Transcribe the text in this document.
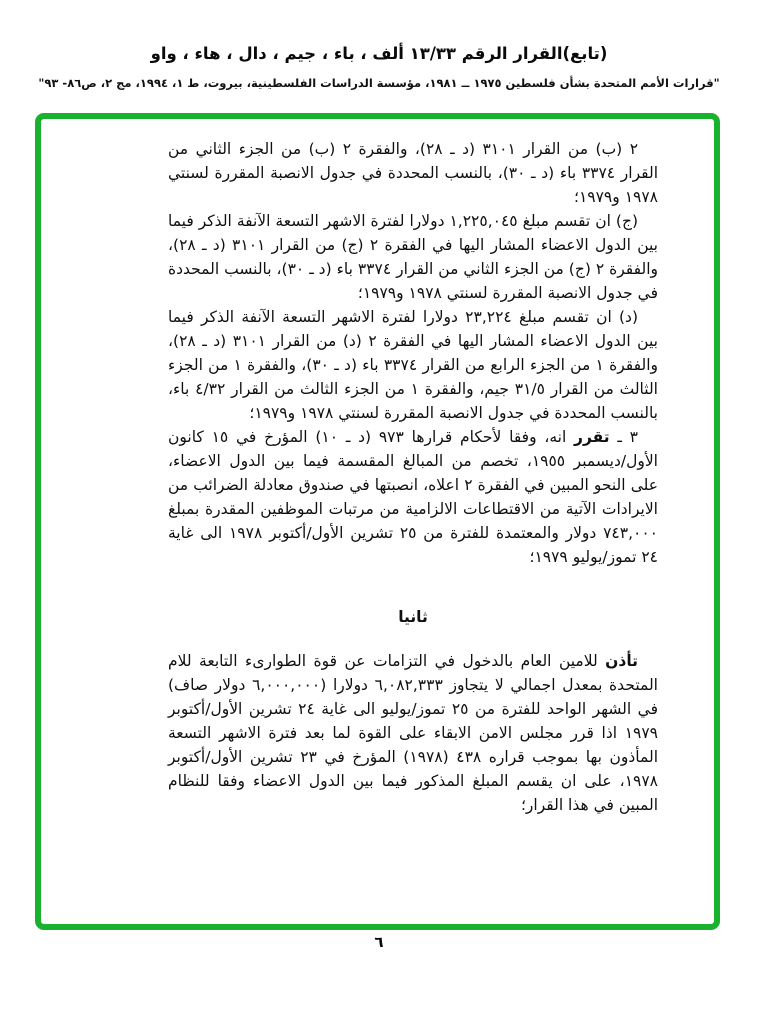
(تابع)القرار الرقم ١٣/٣٣ ألف ، باء ، جيم ، دال ، هاء ، واو
"قرارات الأمم المتحدة بشأن فلسطين ١٩٧٥ ــ ١٩٨١، مؤسسة الدراسات الفلسطينية، بيروت، ط ١، ١٩٩٤، مج ٢، ص٨٦- ٩٣"

٢ (ب) من القرار ٣١٠١ (د ـ ٢٨)، والفقرة ٢ (ب) من الجزء الثاني من القرار ٣٣٧٤ باء (د ـ ٣٠)، بالنسب المحددة في جدول الانصبة المقررة لسنتي ١٩٧٨ و١٩٧٩؛

(ج) ان تقسم مبلغ ١,٢٢٥,٠٤٥ دولارا لفترة الاشهر التسعة الآنفة الذكر فيما بين الدول الاعضاء المشار اليها في الفقرة ٢ (ج) من القرار ٣١٠١ (د ـ ٢٨)، والفقرة ٢ (ج) من الجزء الثاني من القرار ٣٣٧٤ باء (د ـ ٣٠)، بالنسب المحددة في جدول الانصبة المقررة لسنتي ١٩٧٨ و١٩٧٩؛

(د) ان تقسم مبلغ ٢٣,٢٢٤ دولارا لفترة الاشهر التسعة الآنفة الذكر فيما بين الدول الاعضاء المشار اليها في الفقرة ٢ (د) من القرار ٣١٠١ (د ـ ٢٨)، والفقرة ١ من الجزء الرابع من القرار ٣٣٧٤ باء (د ـ ٣٠)، والفقرة ١ من الجزء الثالث من القرار ٣١/٥ جيم، والفقرة ١ من الجزء الثالث من القرار ٤/٣٢ باء، بالنسب المحددة في جدول الانصبة المقررة لسنتي ١٩٧٨ و١٩٧٩؛

٣ ـ تقرر انه، وفقا لأحكام قرارها ٩٧٣ (د ـ ١٠) المؤرخ في ١٥ كانون الأول/ديسمبر ١٩٥٥، تخصم من المبالغ المقسمة فيما بين الدول الاعضاء، على النحو المبين في الفقرة ٢ اعلاه، انصبتها في صندوق معادلة الضرائب من الايرادات الآتية من الاقتطاعات الالزامية من مرتبات الموظفين المقدرة بمبلغ ٧٤٣,٠٠٠ دولار والمعتمدة للفترة من ٢٥ تشرين الأول/أكتوبر ١٩٧٨ الى غاية ٢٤ تموز/يوليو ١٩٧٩؛

ثانيا

تأذن للامين العام بالدخول في التزامات عن قوة الطوارىء التابعة للام المتحدة بمعدل اجمالي لا يتجاوز ٦,٠٨٢,٣٣٣ دولارا (٦,٠٠٠,٠٠٠ دولار صاف) في الشهر الواحد للفترة من ٢٥ تموز/يوليو الى غاية ٢٤ تشرين الأول/أكتوبر ١٩٧٩ اذا قرر مجلس الامن الابقاء على القوة لما بعد فترة الاشهر التسعة المأذون بها بموجب قراره ٤٣٨ (١٩٧٨) المؤرخ في ٢٣ تشرين الأول/أكتوبر ١٩٧٨، على ان يقسم المبلغ المذكور فيما بين الدول الاعضاء وفقا للنظام المبين في هذا القرار؛

٦
